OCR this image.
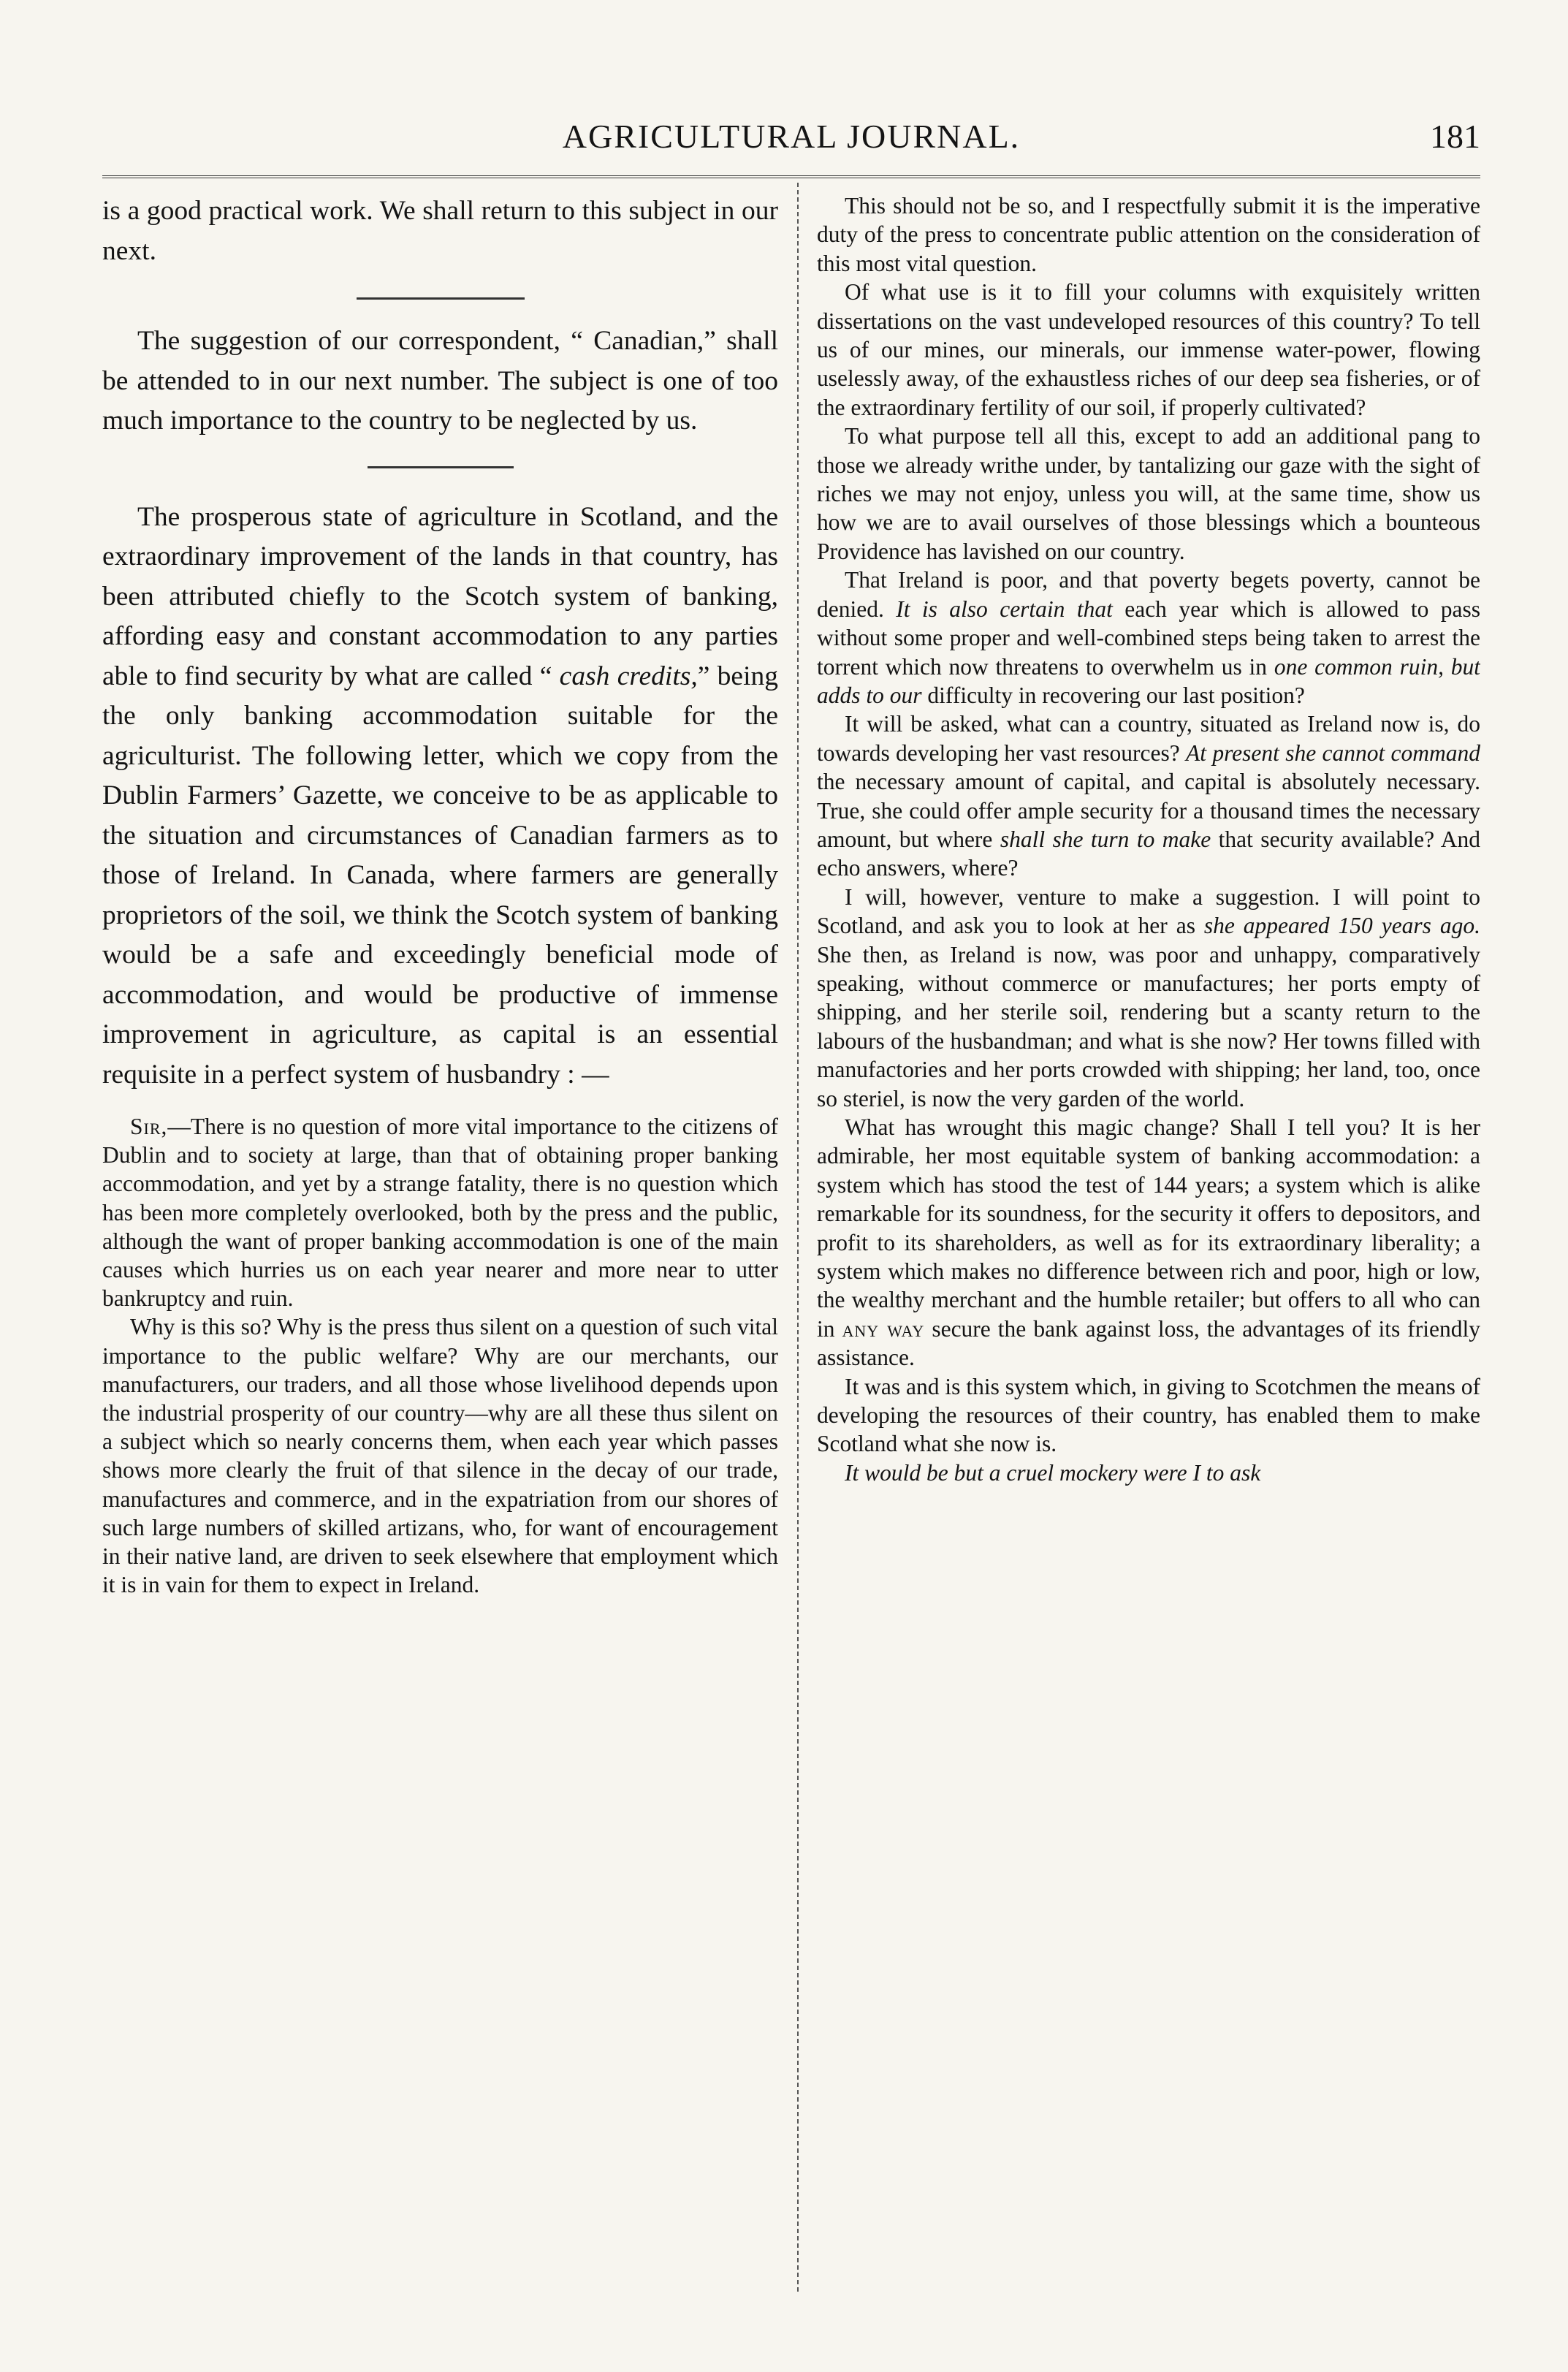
AGRICULTURAL JOURNAL.	181

is a good practical work. We shall return to this subject in our next.

The suggestion of our correspondent, “ Canadian,” shall be attended to in our next number. The subject is one of too much importance to the country to be neglected by us.

The prosperous state of agriculture in Scotland, and the extraordinary improvement of the lands in that country, has been attributed chiefly to the Scotch system of banking, affording easy and constant accommodation to any parties able to find security by what are called “ cash credits,” being the only banking accommodation suitable for the agriculturist. The following letter, which we copy from the Dublin Farmers’ Gazette, we conceive to be as applicable to the situation and circumstances of Canadian farmers as to those of Ireland. In Canada, where farmers are generally proprietors of the soil, we think the Scotch system of banking would be a safe and exceedingly beneficial mode of accommodation, and would be productive of immense improvement in agriculture, as capital is an essential requisite in a perfect system of husbandry : —

Sir,—There is no question of more vital importance to the citizens of Dublin and to society at large, than that of obtaining proper banking accommodation, and yet by a strange fatality, there is no question which has been more completely overlooked, both by the press and the public, although the want of proper banking accommodation is one of the main causes which hurries us on each year nearer and more near to utter bankruptcy and ruin.

Why is this so? Why is the press thus silent on a question of such vital importance to the public welfare? Why are our merchants, our manufacturers, our traders, and all those whose livelihood depends upon the industrial prosperity of our country—why are all these thus silent on a subject which so nearly concerns them, when each year which passes shows more clearly the fruit of that silence in the decay of our trade, manufactures and commerce, and in the expatriation from our shores of such large numbers of skilled artizans, who, for want of encouragement in their native land, are driven to seek elsewhere that employment which it is in vain for them to expect in Ireland.

This should not be so, and I respectfully submit it is the imperative duty of the press to concentrate public attention on the consideration of this most vital question.

Of what use is it to fill your columns with exquisitely written dissertations on the vast undeveloped resources of this country? To tell us of our mines, our minerals, our immense water-power, flowing uselessly away, of the exhaustless riches of our deep sea fisheries, or of the extraordinary fertility of our soil, if properly cultivated?

To what purpose tell all this, except to add an additional pang to those we already writhe under, by tantalizing our gaze with the sight of riches we may not enjoy, unless you will, at the same time, show us how we are to avail ourselves of those blessings which a bounteous Providence has lavished on our country.

That Ireland is poor, and that poverty begets poverty, cannot be denied. It is also certain that each year which is allowed to pass without some proper and well-combined steps being taken to arrest the torrent which now threatens to overwhelm us in one common ruin, but adds to our difficulty in recovering our last position?

It will be asked, what can a country, situated as Ireland now is, do towards developing her vast resources? At present she cannot command the necessary amount of capital, and capital is absolutely necessary. True, she could offer ample security for a thousand times the necessary amount, but where shall she turn to make that security available? And echo answers, where?

I will, however, venture to make a suggestion. I will point to Scotland, and ask you to look at her as she appeared 150 years ago. She then, as Ireland is now, was poor and unhappy, comparatively speaking, without commerce or manufactures; her ports empty of shipping, and her sterile soil, rendering but a scanty return to the labours of the husbandman; and what is she now? Her towns filled with manufactories and her ports crowded with shipping; her land, too, once so steriel, is now the very garden of the world.

What has wrought this magic change? Shall I tell you? It is her admirable, her most equitable system of banking accommodation: a system which has stood the test of 144 years; a system which is alike remarkable for its soundness, for the security it offers to depositors, and profit to its shareholders, as well as for its extraordinary liberality; a system which makes no difference between rich and poor, high or low, the wealthy merchant and the humble retailer; but offers to all who can in any way secure the bank against loss, the advantages of its friendly assistance.

It was and is this system which, in giving to Scotchmen the means of developing the resources of their country, has enabled them to make Scotland what she now is.

It would be but a cruel mockery were I to ask
